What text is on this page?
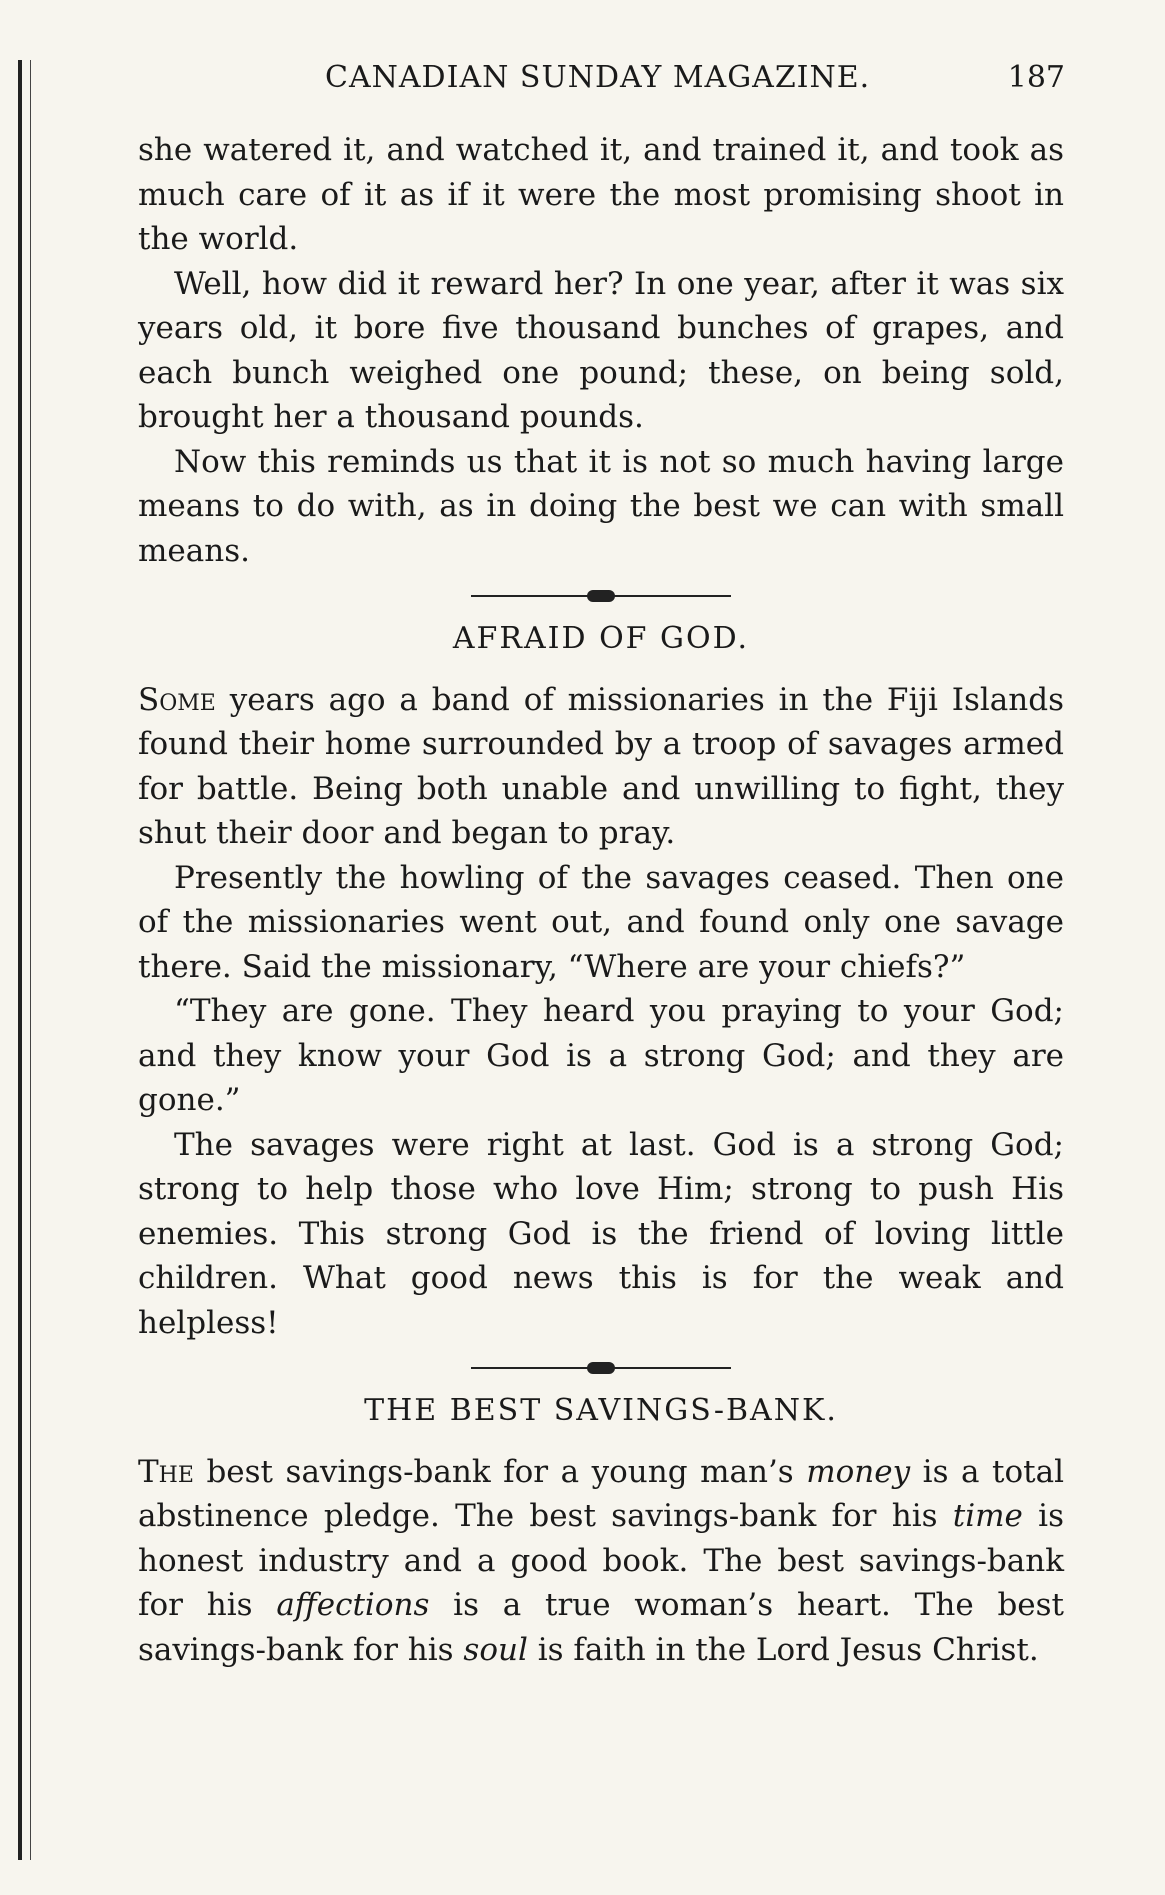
CANADIAN SUNDAY MAGAZINE.	187

she watered it, and watched it, and trained it, and took as much care of it as if it were the most promising shoot in the world.

Well, how did it reward her? In one year, after it was six years old, it bore five thousand bunches of grapes, and each bunch weighed one pound; these, on being sold, brought her a thousand pounds.

Now this reminds us that it is not so much having large means to do with, as in doing the best we can with small means.

AFRAID OF GOD.

Some years ago a band of missionaries in the Fiji Islands found their home surrounded by a troop of savages armed for battle. Being both unable and unwilling to fight, they shut their door and began to pray.

Presently the howling of the savages ceased. Then one of the missionaries went out, and found only one savage there. Said the missionary, “Where are your chiefs?”

“They are gone. They heard you praying to your God; and they know your God is a strong God; and they are gone.”

The savages were right at last. God is a strong God; strong to help those who love Him; strong to push His enemies. This strong God is the friend of loving little children. What good news this is for the weak and helpless!

THE BEST SAVINGS-BANK.

The best savings-bank for a young man’s money is a total abstinence pledge. The best savings-bank for his time is honest industry and a good book. The best savings-bank for his affections is a true woman’s heart. The best savings-bank for his soul is faith in the Lord Jesus Christ.
